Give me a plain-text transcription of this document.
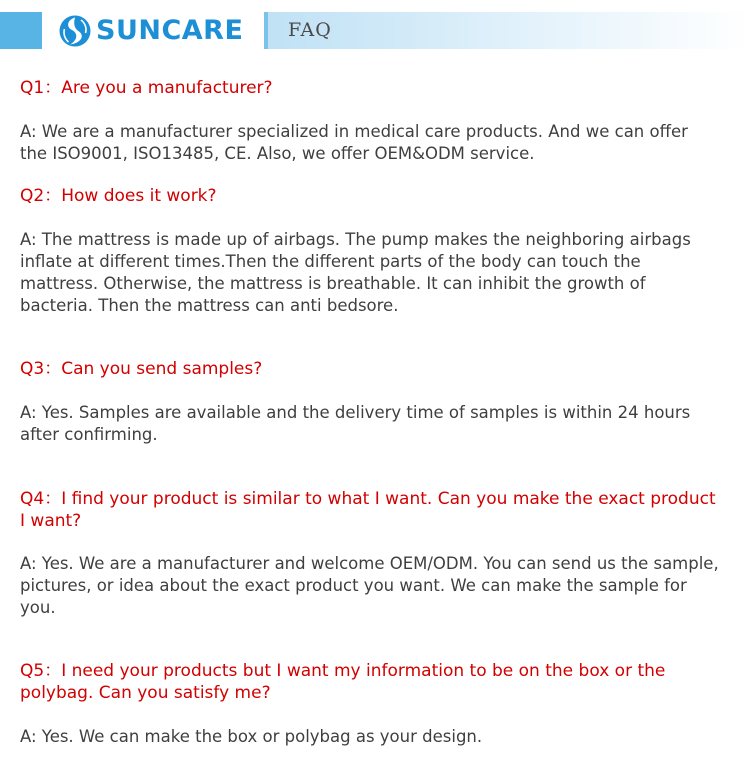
SUNCARE FAQ

Q1：Are you a manufacturer?

A: We are a manufacturer specialized in medical care products. And we can offer the ISO9001, ISO13485, CE. Also, we offer OEM&ODM service.

Q2：How does it work?

A: The mattress is made up of airbags. The pump makes the neighboring airbags inflate at different times.Then the different parts of the body can touch the mattress. Otherwise, the mattress is breathable. It can inhibit the growth of bacteria. Then the mattress can anti bedsore.

Q3：Can you send samples?

A: Yes. Samples are available and the delivery time of samples is within 24 hours after confirming.

Q4：I find your product is similar to what I want. Can you make the exact product I want?

A: Yes. We are a manufacturer and welcome OEM/ODM. You can send us the sample, pictures, or idea about the exact product you want. We can make the sample for you.

Q5：I need your products but I want my information to be on the box or the polybag. Can you satisfy me?

A: Yes. We can make the box or polybag as your design.
